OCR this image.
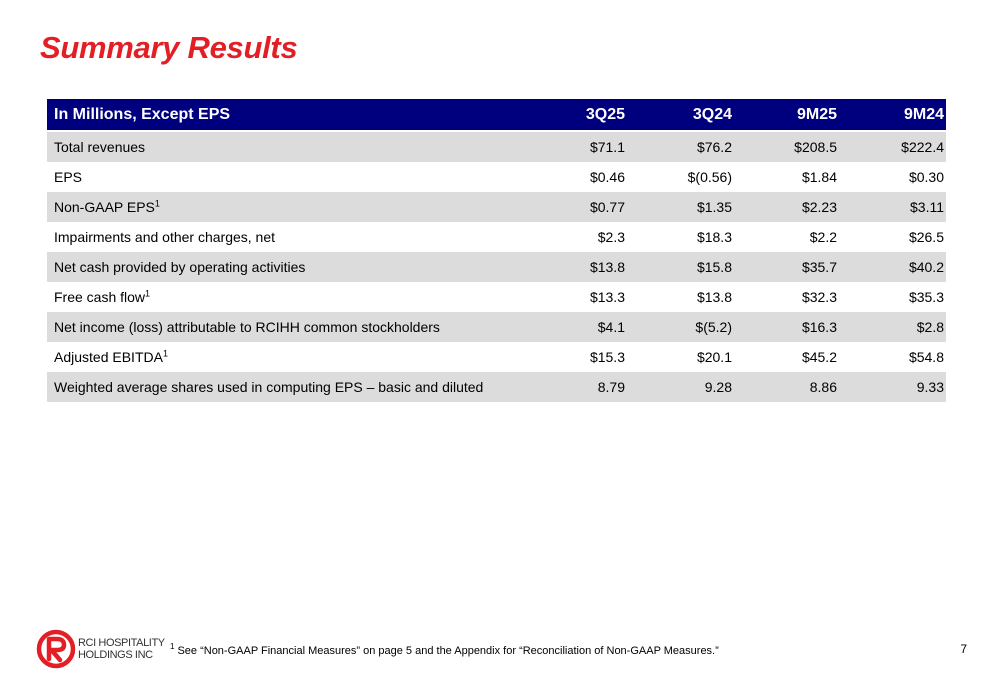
Summary Results
In Millions, Except EPS	3Q25	3Q24	9M25	9M24
Total revenues	$71.1	$76.2	$208.5	$222.4
EPS	$0.46	$(0.56)	$1.84	$0.30
Non-GAAP EPS$^1$	$0.77	$1.35	$2.23	$3.11
Impairments and other charges, net	$2.3	$18.3	$2.2	$26.5
Net cash provided by operating activities	$13.8	$15.8	$35.7	$40.2
Free cash flow$^1$	$13.3	$13.8	$32.3	$35.3
Net income (loss) attributable to RCIHH common stockholders	$4.1	$(5.2)	$16.3	$2.8
Adjusted EBITDA$^1$	$15.3	$20.1	$45.2	$54.8
Weighted average shares used in computing EPS – basic and diluted	8.79	9.28	8.86	9.33
RCI HOSPITALITY
HOLDINGS INC
$^1$ See “Non-GAAP Financial Measures” on page 5 and the Appendix for “Reconciliation of Non-GAAP Measures.”	7
